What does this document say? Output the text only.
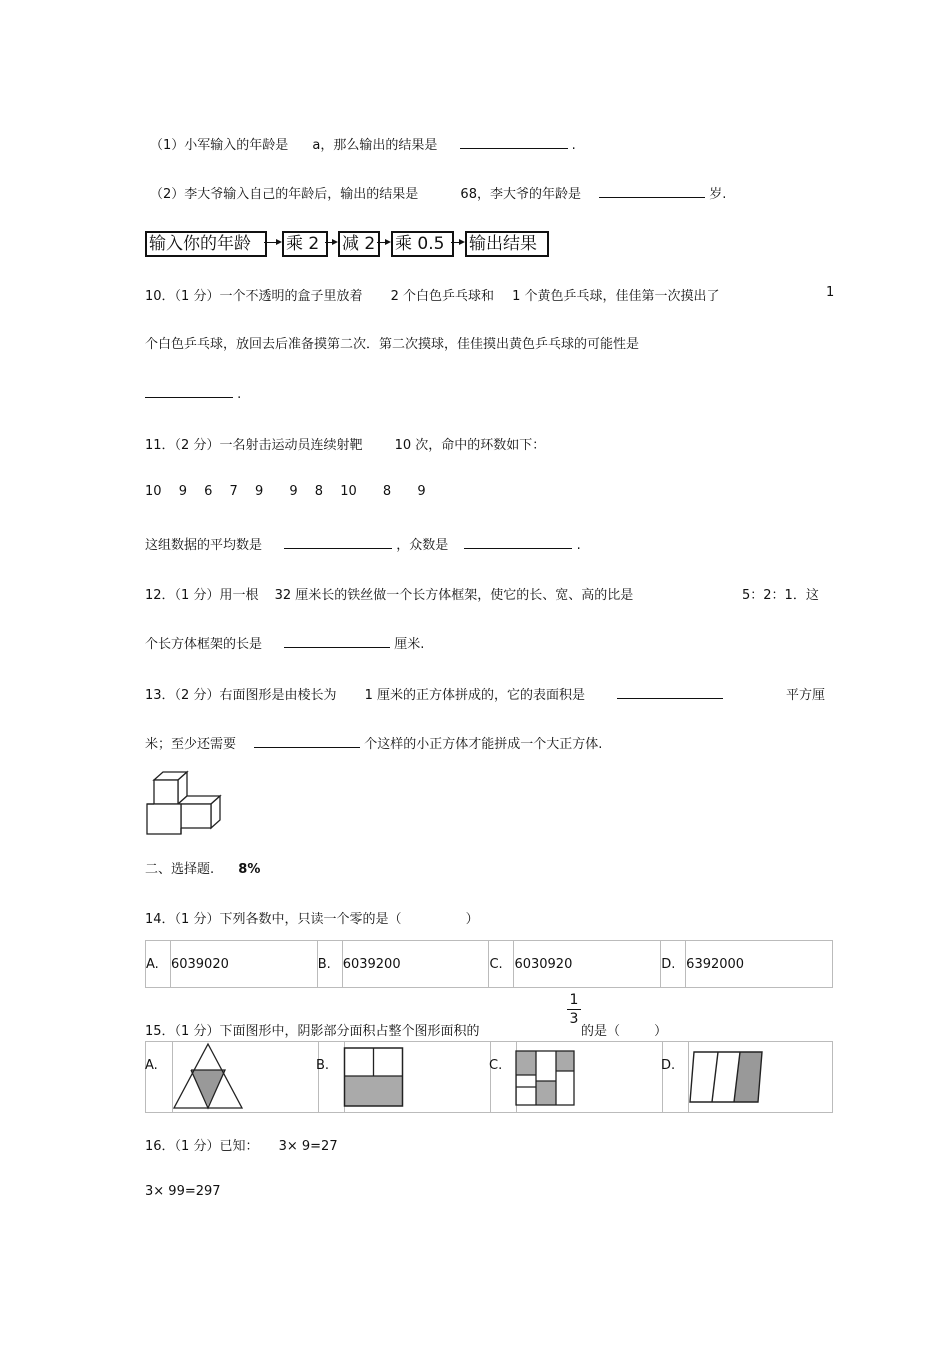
（1）小军输入的年龄是 a，那么输出的结果是	.
（2）李大爷输入自己的年龄后，输出的结果是	68，李大爷的年龄是	岁.
输入你的年龄	乘 2	减 2 乘 0.5	输出结果
10．（1 分）一个不透明的盒子里放着 2 个白色乒乓球和 1 个黄色乒乓球，佳佳第一次摸出了	1
个白色乒乓球，放回去后准备摸第二次．第二次摸球，佳佳摸出黄色乒乓球的可能性是
.
11．（2 分）一名射击运动员连续射靶 10 次，命中的环数如下：
10 9 6 7 9 9 8 10 8 9
这组数据的平均数是	，众数是	.
12．（1 分）用一根 32 厘米长的铁丝做一个长方体框架，使它的长、宽、高的比是	5：2：1．这
个长方体框架的长是	厘米.
13．（2 分）右面图形是由棱长为 1 厘米的正方体拼成的，它的表面积是	平方厘
米；至少还需要	个这样的小正方体才能拼成一个大正方体.
二、选择题. 8%
14．（1 分）下列各数中，只读一个零的是（	）
A.	6039020	B.	6039200	C.	6030920	D.	6392000
15．（1 分）下面图形中，阴影部分面积占整个图形面积的
1
3
的是（	）
A.	B.	C.	D.
16．（1 分）已知： 3× 9=27
3× 99=297
